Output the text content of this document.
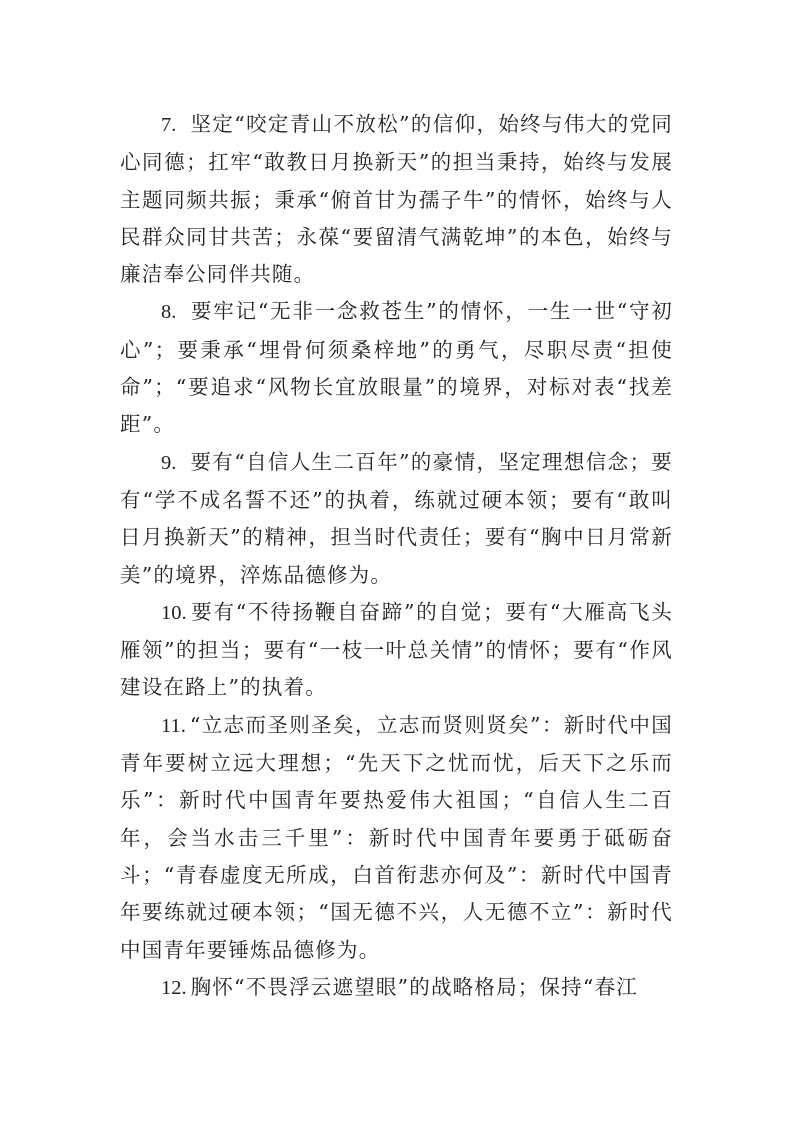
7. 坚定“咬定青山不放松”的信仰，始终与伟大的党同心同德；扛牢“敢教日月换新天”的担当秉持，始终与发展主题同频共振；秉承“俯首甘为孺子牛”的情怀，始终与人民群众同甘共苦；永葆“要留清气满乾坤”的本色，始终与廉洁奉公同伴共随。

8. 要牢记“无非一念救苍生”的情怀，一生一世“守初心”；要秉承“埋骨何须桑梓地”的勇气，尽职尽责“担使命”；“要追求“风物长宜放眼量”的境界，对标对表“找差距”。

9. 要有“自信人生二百年”的豪情，坚定理想信念；要有“学不成名誓不还”的执着，练就过硬本领；要有“敢叫日月换新天”的精神，担当时代责任；要有“胸中日月常新美”的境界，淬炼品德修为。

10. 要有“不待扬鞭自奋蹄”的自觉；要有“大雁高飞头雁领”的担当；要有“一枝一叶总关情”的情怀；要有“作风建设在路上”的执着。

11. “立志而圣则圣矣，立志而贤则贤矣”：新时代中国青年要树立远大理想；“先天下之忧而忧，后天下之乐而乐”：新时代中国青年要热爱伟大祖国；“自信人生二百年，会当水击三千里”：新时代中国青年要勇于砥砺奋斗；“青春虚度无所成，白首衔悲亦何及”：新时代中国青年要练就过硬本领；“国无德不兴，人无德不立”：新时代中国青年要锤炼品德修为。

12. 胸怀“不畏浮云遮望眼”的战略格局；保持“春江
